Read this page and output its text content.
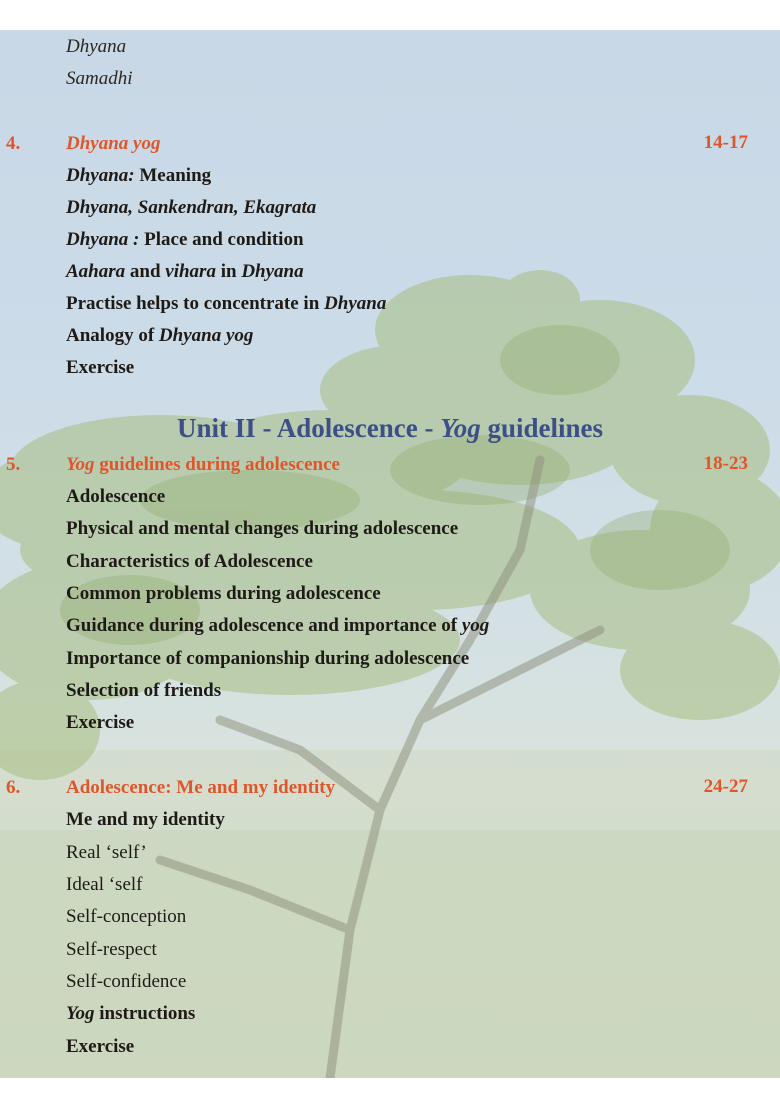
Dhyana

Samadhi

4. Dhyana yog	14-17

Dhyana: Meaning

Dhyana, Sankendran, Ekagrata

Dhyana : Place and condition

Aahara and vihara in Dhyana

Practise helps to concentrate in Dhyana

Analogy of Dhyana yog

Exercise

Unit II - Adolescence - Yog guidelines

5. Yog guidelines during adolescence	18-23

Adolescence

Physical and mental changes during adolescence

Characteristics of Adolescence

Common problems during adolescence

Guidance during adolescence and importance of yog

Importance of companionship during adolescence

Selection of friends

Exercise

6. Adolescence: Me and my identity	24-27

Me and my identity

Real ‘self’

Ideal ‘self

Self-conception

Self-respect

Self-confidence

Yog instructions

Exercise
